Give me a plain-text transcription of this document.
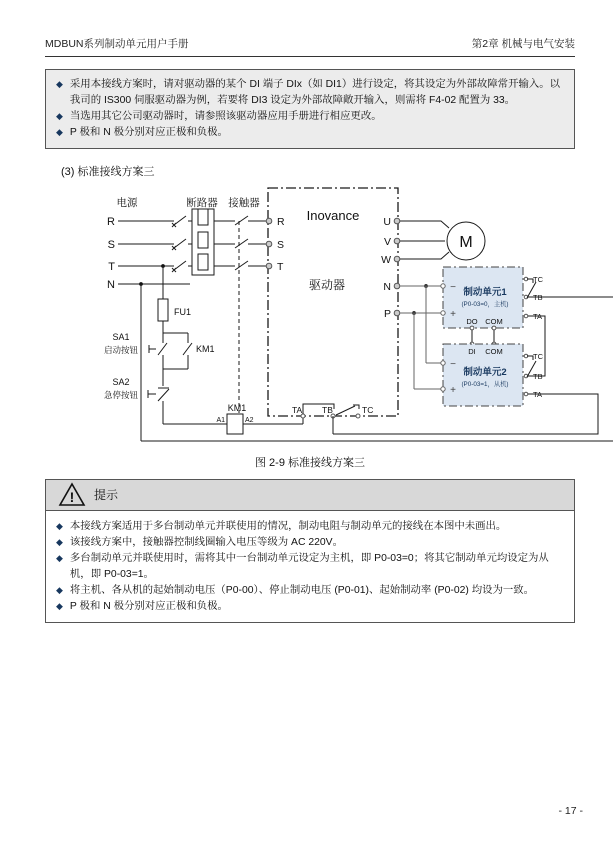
MDBUN系列制动单元用户手册	第2章 机械与电气安装
◆ 采用本接线方案时，请对驱动器的某个 DI 端子 DIx（如 DI1）进行设定，将其设定为外部故障常开输入。以我司的 IS300 伺服驱动器为例，若要将 DI3 设定为外部故障敞开输入，则需将 F4-02 配置为 33。
◆ 当选用其它公司驱动器时，请参照该驱动器应用手册进行相应更改。
◆ P 极和 N 极分别对应正极和负极。
(3) 标准接线方案三
电源	断路器 接触器
R
S
T
N
FU1
KM1
SA1
启动按钮
SA2
急停按钮
KM1
A1	A2
Inovance
驱动器
R
S
T
U
V
W
M
N
P
制动单元1
(P0-03=0，主机)
−
+
DO COM
TC
TB
TA
DI COM
制动单元2
(P0-03=1，从机)
−
+
TC
TB
TA
TA TB	TC
图 2-9 标准接线方案三
! 提示
◆ 本接线方案适用于多台制动单元并联使用的情况，制动电阻与制动单元的接线在本图中未画出。
◆ 该接线方案中，接触器控制线圈输入电压等级为 AC 220V。
◆ 多台制动单元并联使用时，需将其中一台制动单元设定为主机，即 P0-03=0；将其它制动单元均设定为从机，即 P0-03=1。
◆ 将主机、各从机的起始制动电压（P0-00）、停止制动电压 (P0-01)、起始制动率 (P0-02) 均设为一致。
◆ P 极和 N 极分别对应正极和负极。
- 17 -
